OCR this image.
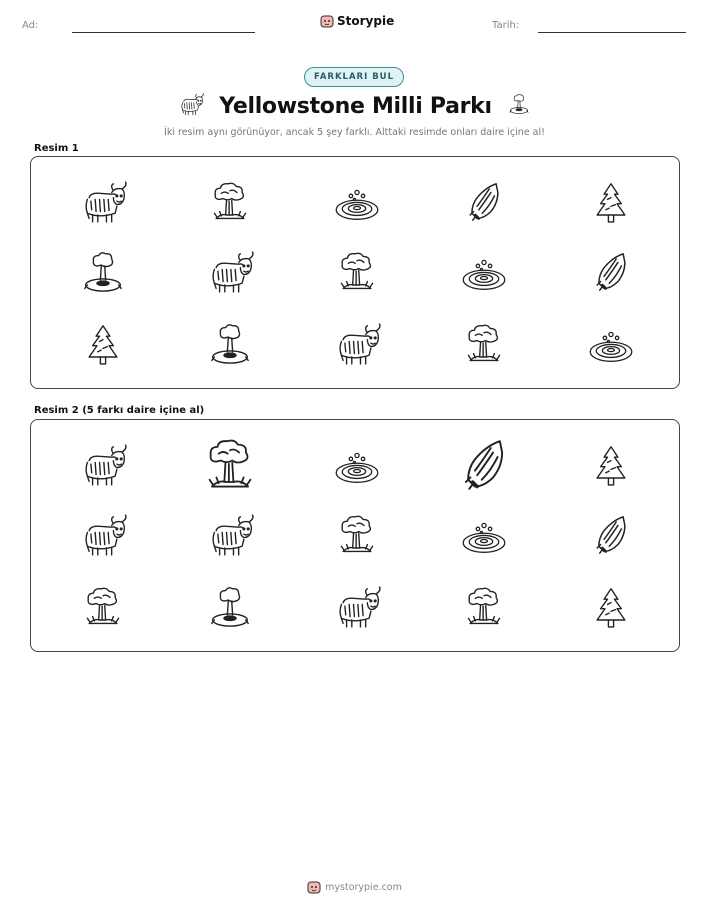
Ad:	Storypie	Tarih:
FARKLARI BUL
Yellowstone Milli Parkı
İki resim aynı görünüyor, ancak 5 şey farklı. Alttaki resimde onları daire içine al!
Resim 1
Resim 2 (5 farkı daire içine al)
mystorypie.com
